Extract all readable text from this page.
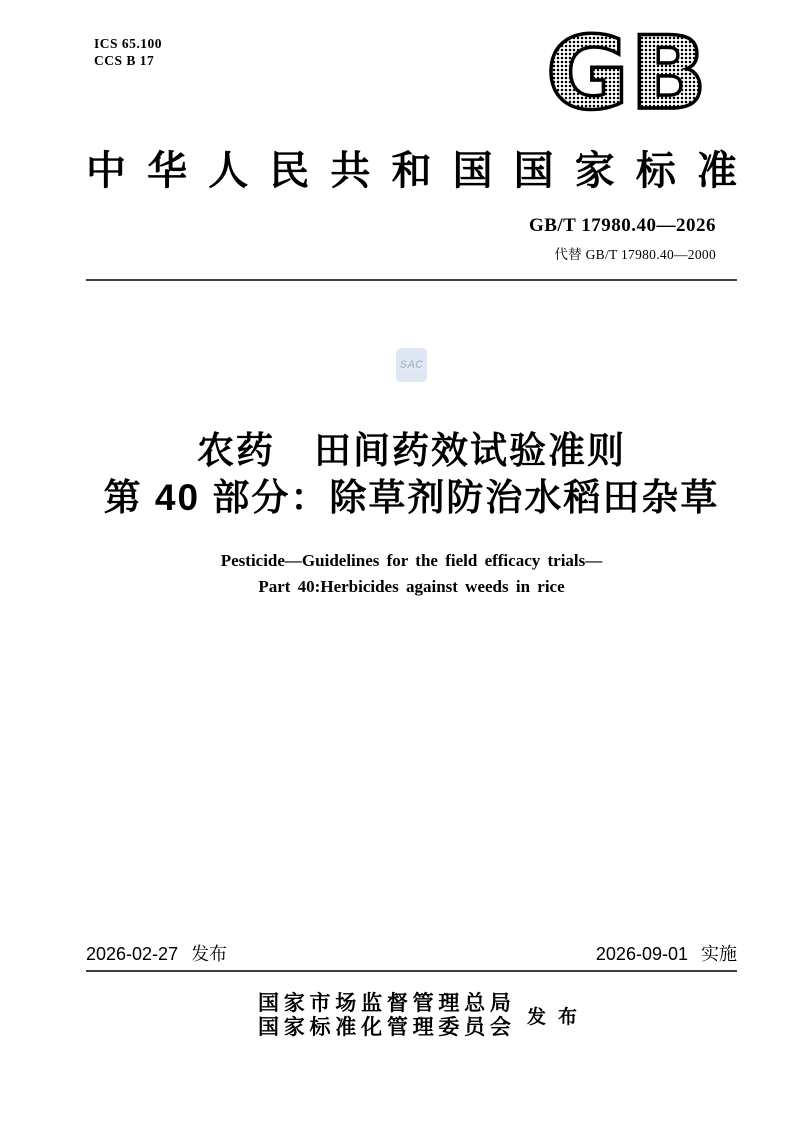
ICS 65.100
CCS B 17	GB
中 华 人 民 共 和 国 国 家 标 准
GB/T 17980.40—2026
代替 GB/T 17980.40—2000
SAC
农药　田间药效试验准则
第 40 部分：除草剂防治水稻田杂草
Pesticide—Guidelines for the field efficacy trials—
Part 40:Herbicides against weeds in rice
2026-02-27 发布	2026-09-01 实施
国 家 市 场 监 督 管 理 总 局
国 家 标 准 化 管 理 委 员 会 发布
